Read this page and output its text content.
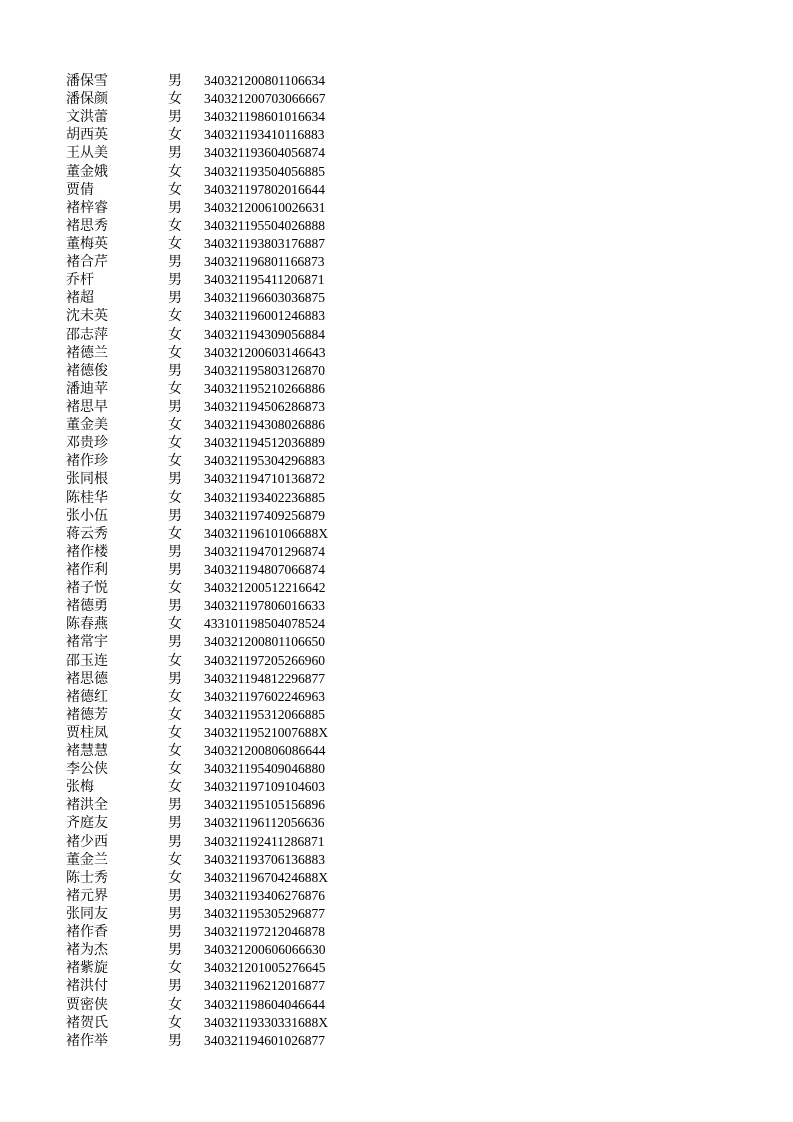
潘保雪	男 340321200801106634
潘保颜	女 340321200703066667
文洪蕾	男 340321198601016634
胡西英	女 340321193410116883
王从美	男 340321193604056874
董金娥	女 340321193504056885
贾倩	女 340321197802016644
褚梓睿	男 340321200610026631
褚思秀	女 340321195504026888
董梅英	女 340321193803176887
褚合芹	男 340321196801166873
乔杆	男 340321195411206871
褚超	男 340321196603036875
沈未英	女 340321196001246883
邵志萍	女 340321194309056884
褚德兰	女 340321200603146643
褚德俊	男 340321195803126870
潘迪苹	女 340321195210266886
褚思早	男 340321194506286873
董金美	女 340321194308026886
邓贵珍	女 340321194512036889
褚作珍	女 340321195304296883
张同根	男 340321194710136872
陈桂华	女 340321193402236885
张小伍	男 340321197409256879
蒋云秀	女 34032119610106688X
褚作楼	男 340321194701296874
褚作利	男 340321194807066874
褚子悦	女 340321200512216642
褚德勇	男 340321197806016633
陈春燕	女 433101198504078524
褚常宇	男 340321200801106650
邵玉连	女 340321197205266960
褚思德	男 340321194812296877
褚德红	女 340321197602246963
褚德芳	女 340321195312066885
贾柱凤	女 34032119521007688X
褚慧慧	女 340321200806086644
李公侠	女 340321195409046880
张梅	女 340321197109104603
褚洪全	男 340321195105156896
齐庭友	男 340321196112056636
褚少西	男 340321192411286871
董金兰	女 340321193706136883
陈士秀	女 34032119670424688X
褚元界	男 340321193406276876
张同友	男 340321195305296877
褚作香	男 340321197212046878
褚为杰	男 340321200606066630
褚紫旋	女 340321201005276645
褚洪付	男 340321196212016877
贾密侠	女 340321198604046644
褚贺氏	女 34032119330331688X
褚作举	男 340321194601026877
